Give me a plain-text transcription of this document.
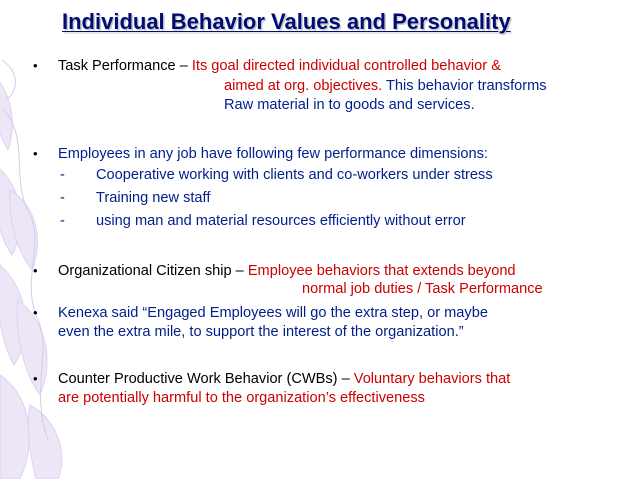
Individual Behavior Values and Personality
• Task Performance – Its goal directed individual controlled behavior &
aimed at org. objectives. This behavior transforms
Raw material in to goods and services.
• Employees in any job have following few performance dimensions:
- Cooperative working with clients and co-workers under stress
- Training new staff
- using man and material resources efficiently without error
• Organizational Citizen ship – Employee behaviors that extends beyond
normal job duties / Task Performance
• Kenexa said “Engaged Employees will go the extra step, or maybe
even the extra mile, to support the interest of the organization.”
• Counter Productive Work Behavior (CWBs) – Voluntary behaviors that
are potentially harmful to the organization’s effectiveness
